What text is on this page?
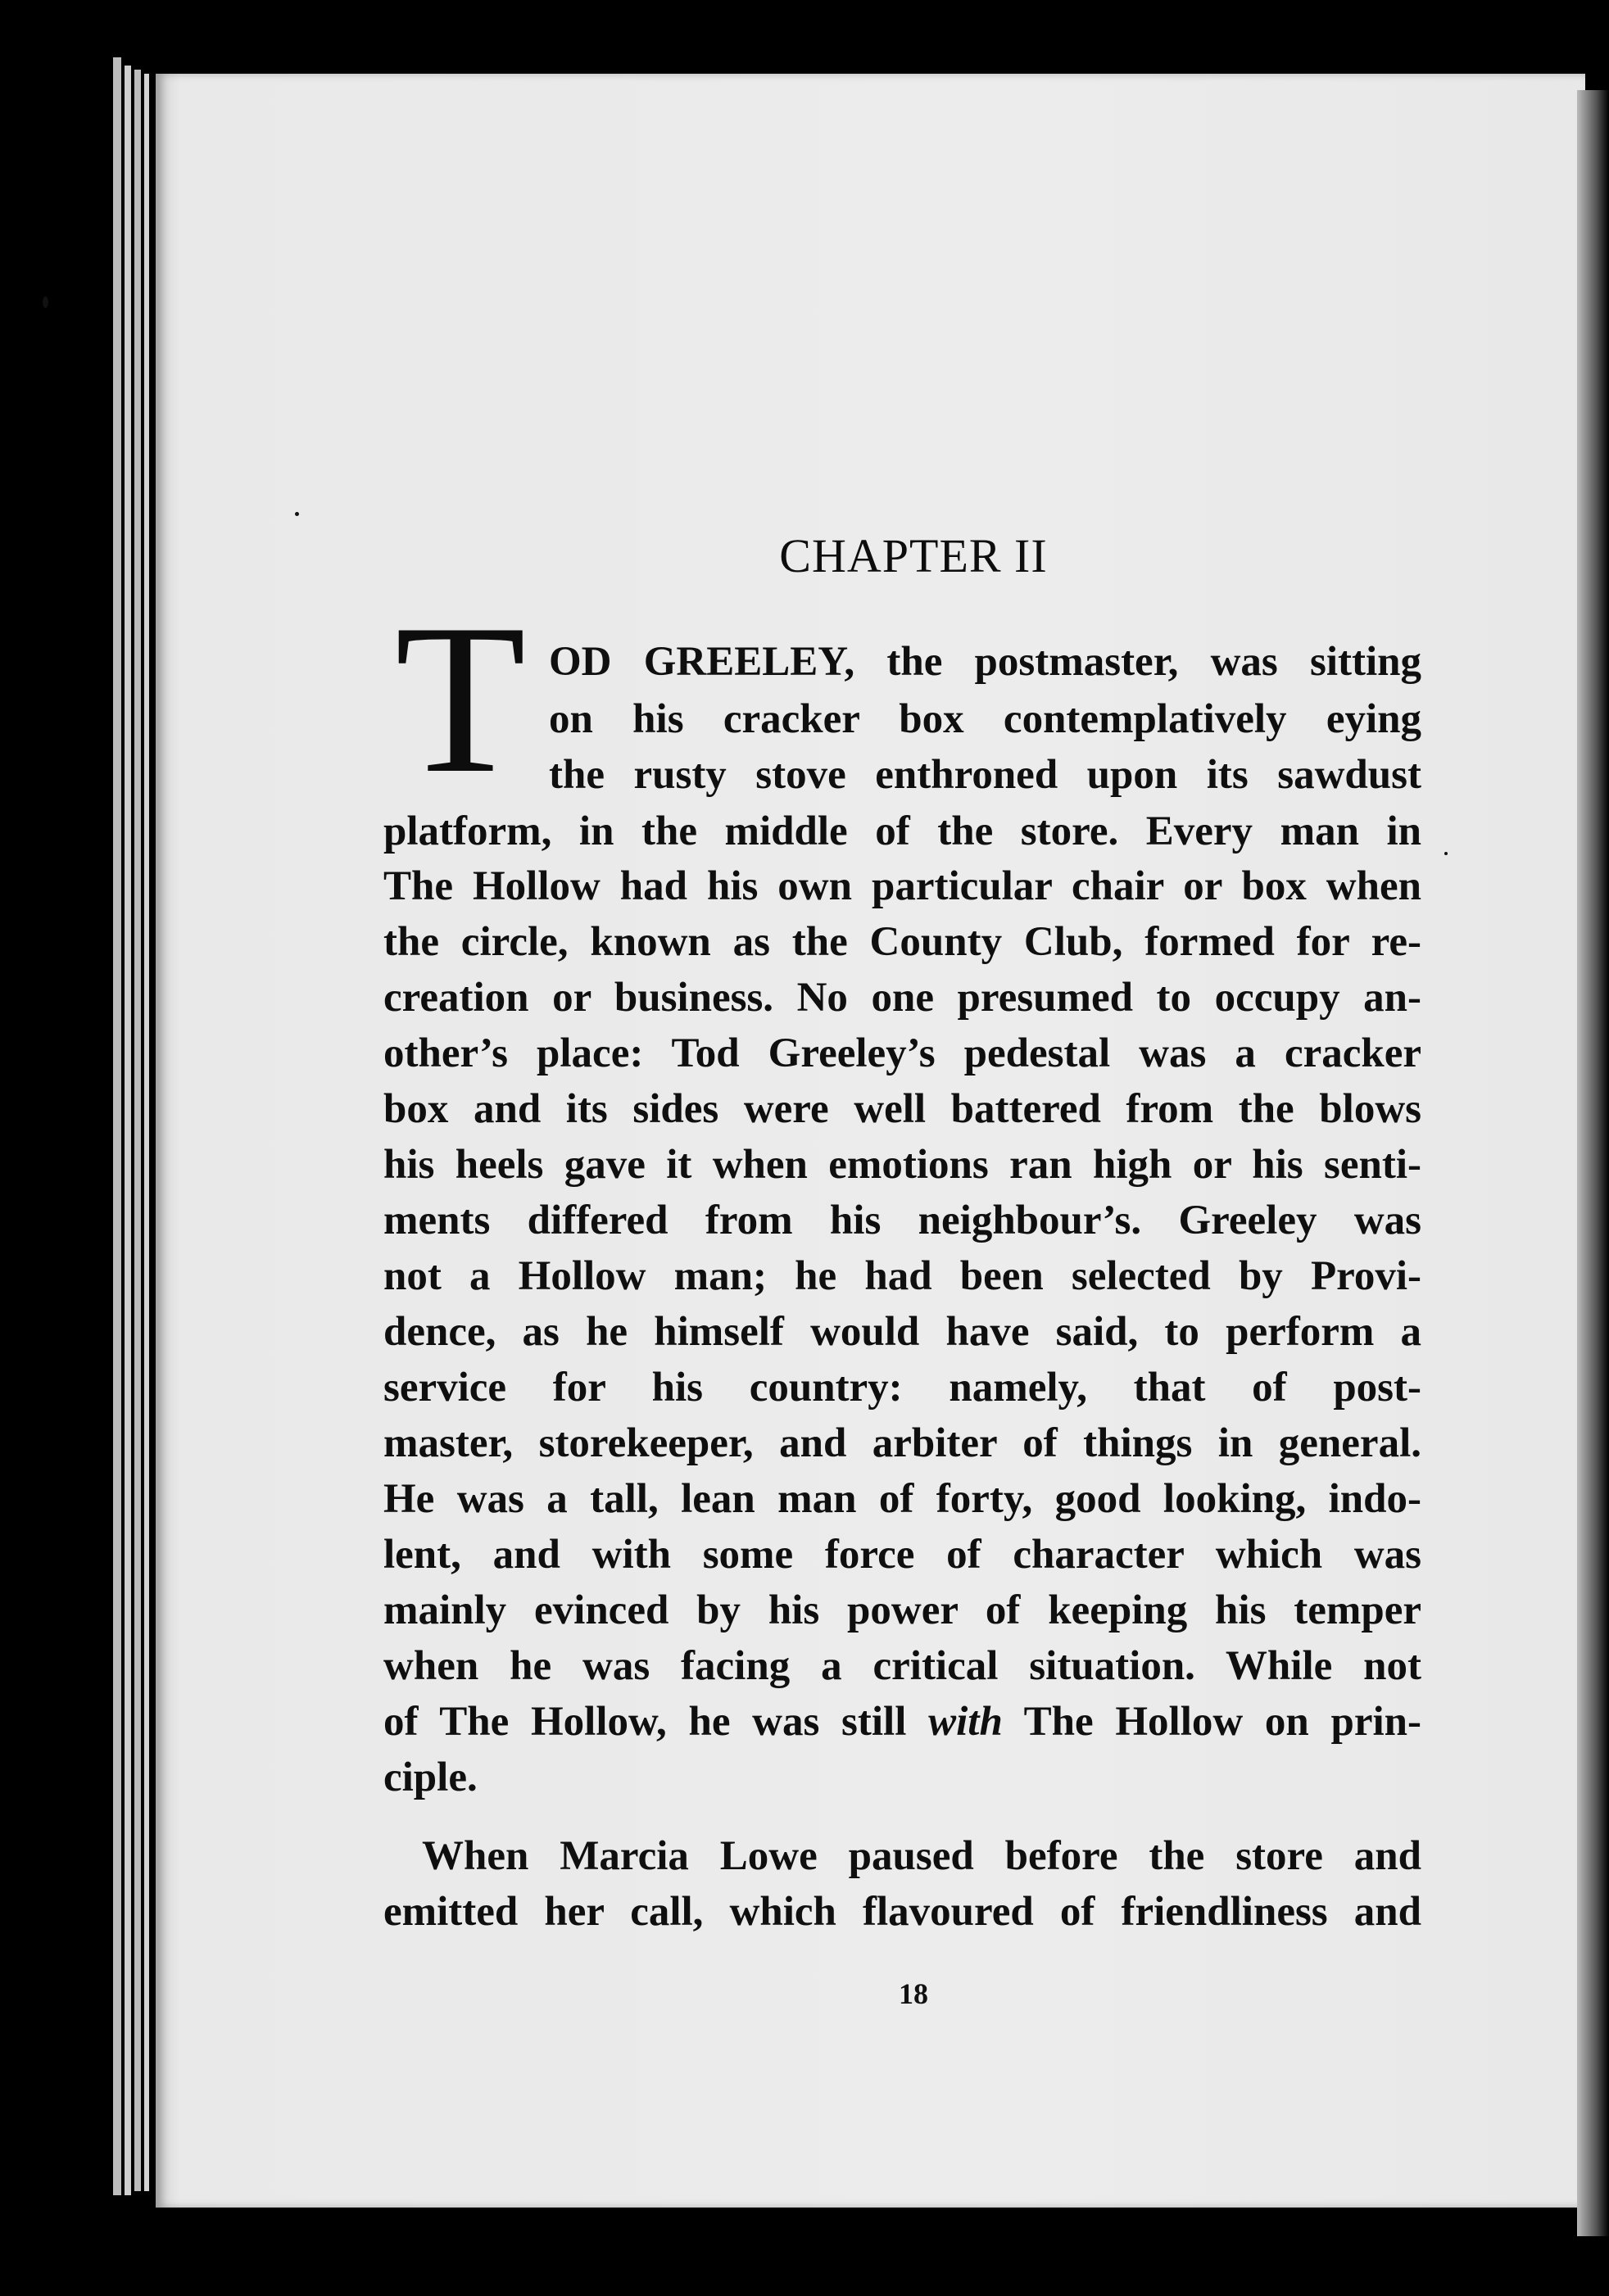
CHAPTER II
T OD GREELEY, the postmaster, was sitting
on his cracker box contemplatively eying
the rusty stove enthroned upon its sawdust
platform, in the middle of the store. Every man in
The Hollow had his own particular chair or box when
the circle, known as the County Club, formed for re-
creation or business. No one presumed to occupy an-
other’s place: Tod Greeley’s pedestal was a cracker
box and its sides were well battered from the blows
his heels gave it when emotions ran high or his senti-
ments differed from his neighbour’s. Greeley was
not a Hollow man; he had been selected by Provi-
dence, as he himself would have said, to perform a
service for his country: namely, that of post-
master, storekeeper, and arbiter of things in general.
He was a tall, lean man of forty, good looking, indo-
lent, and with some force of character which was
mainly evinced by his power of keeping his temper
when he was facing a critical situation. While not
of The Hollow, he was still with The Hollow on prin-
ciple.
When Marcia Lowe paused before the store and
emitted her call, which flavoured of friendliness and
18
